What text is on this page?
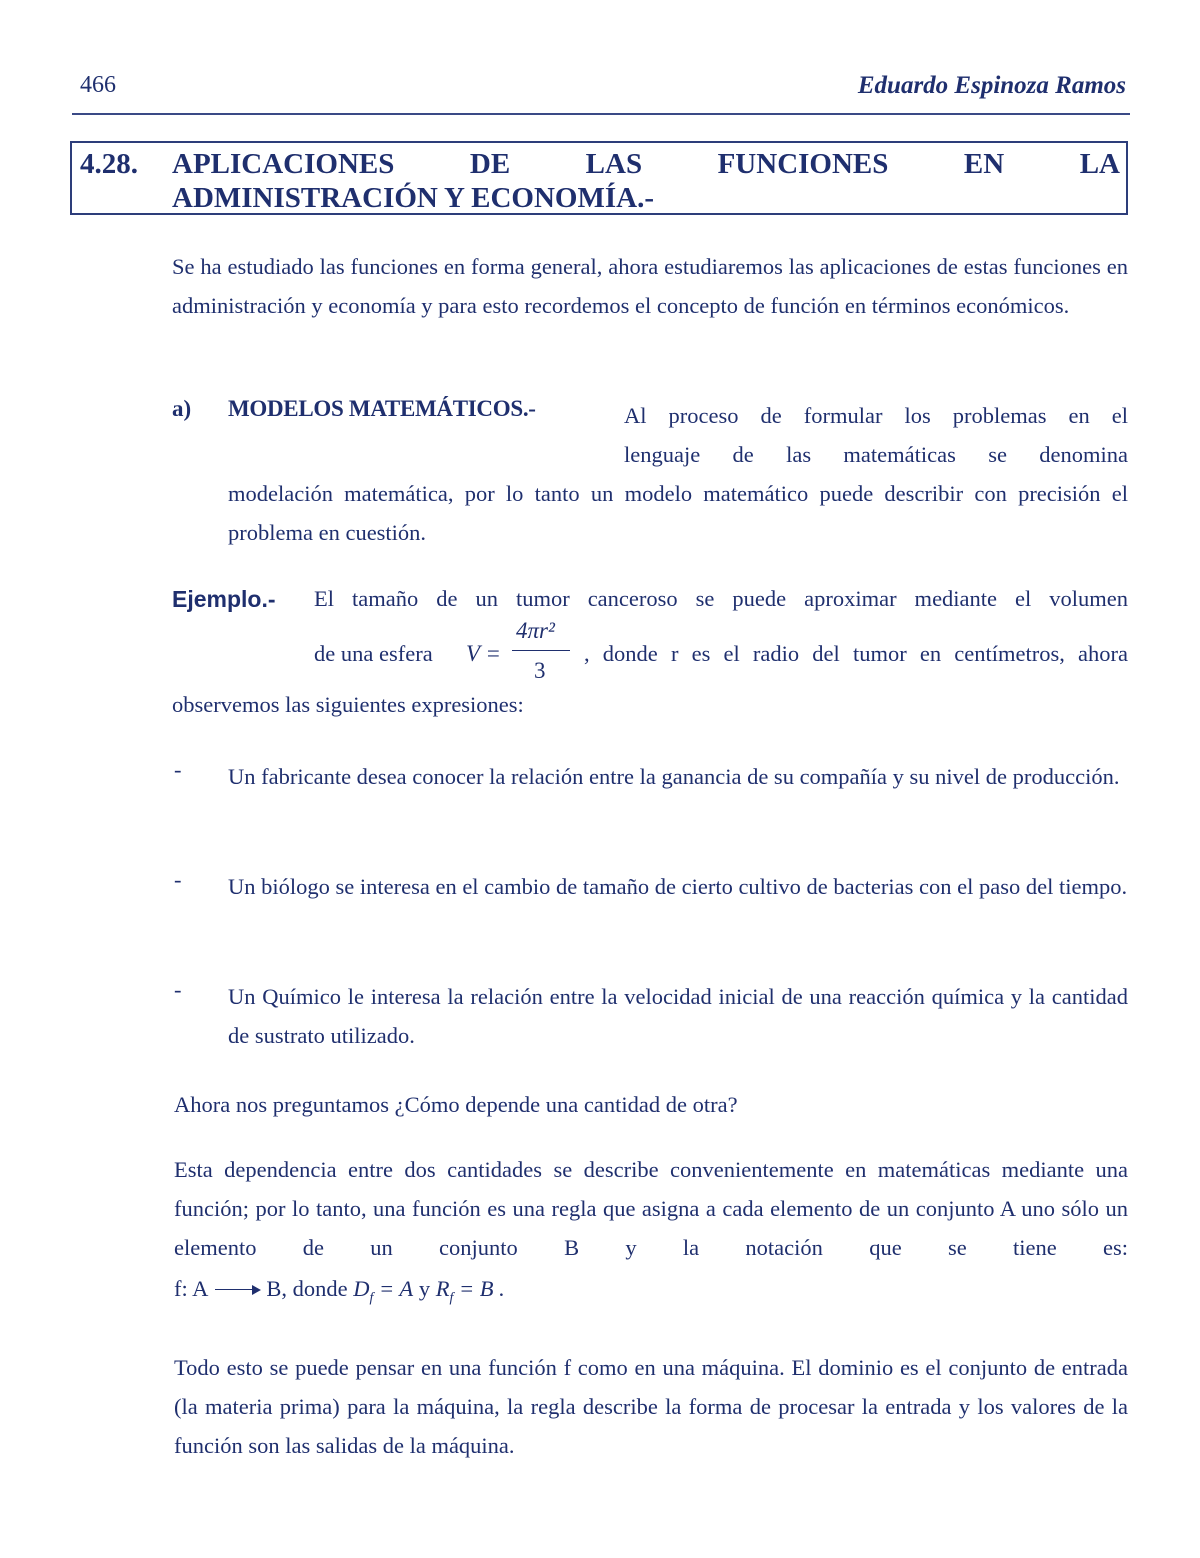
466	Eduardo Espinoza Ramos
4.28. APLICACIONES	DE	LAS	FUNCIONES	EN	LA
ADMINISTRACIÓN Y ECONOMÍA.-
Se ha estudiado las funciones en forma general, ahora estudiaremos las aplicaciones de estas funciones en administración y economía y para esto recordemos el concepto de función en términos económicos.
a) MODELOS MATEMÁTICOS.-	Al proceso de formular los problemas en el
lenguaje de las matemáticas se denomina
modelación matemática, por lo tanto un modelo matemático puede describir con precisión el problema en cuestión.
Ejemplo.- El tamaño de un tumor canceroso se puede aproximar mediante el volumen
de una esfera V =
4πr²
3
, donde r es el radio del tumor en centímetros, ahora
observemos las siguientes expresiones:
- Un fabricante desea conocer la relación entre la ganancia de su compañía y su nivel de producción.
- Un biólogo se interesa en el cambio de tamaño de cierto cultivo de bacterias con el paso del tiempo.
- Un Químico le interesa la relación entre la velocidad inicial de una reacción química y la cantidad de sustrato utilizado.
Ahora nos preguntamos ¿Cómo depende una cantidad de otra?
Esta dependencia entre dos cantidades se describe convenientemente en matemáticas mediante una función; por lo tanto, una función es una regla que asigna a cada elemento de un conjunto A uno sólo un elemento de un conjunto B y la notación que se tiene es:
f: A	B, donde $D_f = A$ y $R_f = B$ .
Todo esto se puede pensar en una función f como en una máquina. El dominio es el conjunto de entrada (la materia prima) para la máquina, la regla describe la forma de procesar la entrada y los valores de la función son las salidas de la máquina.
